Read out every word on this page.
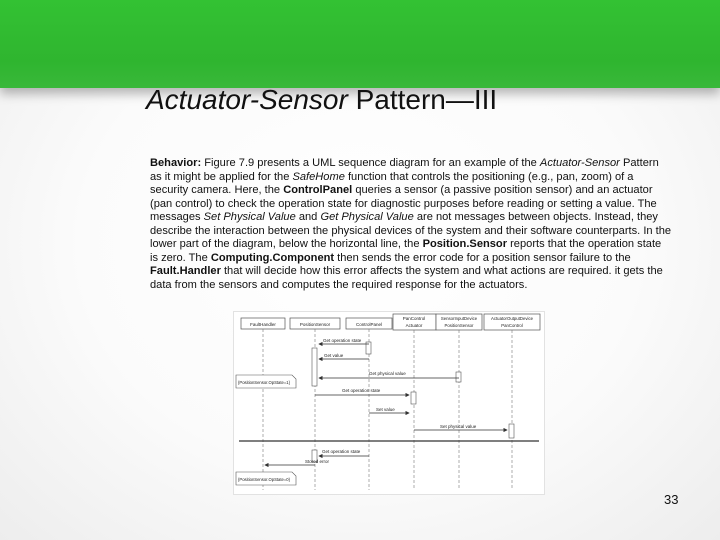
Actuator-Sensor Pattern—III

Behavior: Figure 7.9 presents a UML sequence diagram for an example of the Actuator-Sensor Pattern as it might be applied for the SafeHome function that controls the positioning (e.g., pan, zoom) of a security camera. Here, the ControlPanel queries a sensor (a passive position sensor) and an actuator (pan control) to check the operation state for diagnostic purposes before reading or setting a value. The messages Set Physical Value and Get Physical Value are not messages between objects. Instead, they describe the interaction between the physical devices of the system and their software counterparts. In the lower part of the diagram, below the horizontal line, the Position.Sensor reports that the operation state is zero. The Computing.Component then sends the error code for a position sensor failure to the Fault.Handler that will decide how this error affects the system and what actions are required. it gets the data from the sensors and computes the required response for the actuators.

FaultHandler	PositionSensor	ControlPanel
PanControl
Actuator
SensorInputDevice
PositionSensor
ActuatorOutputDevice
PanControl
Get operation state
Get value
Get physical value
Get operation state
Set value
Set physical value
Get operation state
Stored error
{PositionSensor.OpState=1}
{PositionSensor.OpState=0}
33
